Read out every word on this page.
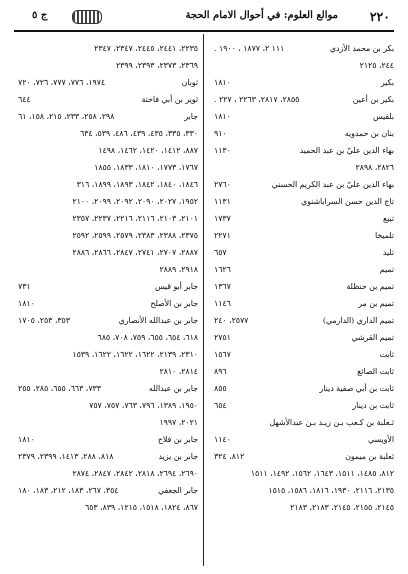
٢٢٠
موالع العلوم: في أحوال الامام الحجة
ج ٥
بكر بن محمد الأزدي
١١١ ٢، ١٨٧٧ ، ١٩٠٠ .
٢٤٤، ٢١٢٥
بكير
١٨١٠
بكير بن أعين
٢٨٥٥، ٢٨١٧، ٢٢٦٣ ، ٢٢٧ .
بلقيس
١٨١٠
بنان بن حمدويه
٩١٠
بهاء الدين عليّ بن عبد الحميد
١١٣٠
٢٨٢٦، ٢٨٩٨
بهاء الدين عليّ بن عبد الكريم الحسني
٢٧٦٠
تاج الدين حسن السراباشنوي
١١٣١
تبيع
١٧٣٧
تلميخا
٢٢٧١
تليد
٦٥٧
تميم
١٦٢٦
تميم بن حنظلة
١٣٦٧
تميم بن مر
١١٤٦
تميم الداري (الدارمي)
٢٥٧٧، ٢٤٠
تميم القرشي
٢٧٥١
ثابت
١٥٦٧
ثابت الصائغ
٨٩٦
ثابت بن أبي صفية دينار
٨٥٥
ثابت بن دينار
٦٥٤
ثـعلبة بن كـعب بـن زيـد بـن عبدالأشهل
الأويسي
١١٤٠
ثعلبة بن ميمون
٨١٢، ٣٢٤
٨١٢، ١٤٨٥، ١٥١١، ١٦٤٣، ١٥٦٢، ١٤٩٢، ١٥١١
٢١٣٥، ٢١١٦، ١٩٣٠، ١٨١٦، ١٥٨٦، ١٥١٥
٢١٤٥، ٢١٥٥، ٢١٤٥، ٢١٨٣، ٢١٨٣
٢٢٣٥، ٢٤٤١، ٢٤٤٥، ٢٣٤٧، ٢٣٤٧
٢٣٦٩، ٢٣٧٣، ٢٣٩٣، ٢٣٩٩
ثوبان
١٩٧٤، ٧٧٦، ٧٧٧، ٧٢٦، ٧٢٠
ثوير بن أبي فاختة
٦٤٤
جابر
٢٩٨، ٢٥٨، ٢٣٣، ٢١٥، ١٥٨، ٦١
٣٣٠، ٣٣٥، ٤٣٥، ٤٣٩، ٤٨٦، ٥٣٩، ٦٣٤
٨٨٧، ١٤١٢، ١٤٢٠، ١٤٦٢، ١٤٩٨
١٧٦٧، ١٧٧٣، ١٨١٠، ١٨٣٣، ١٨٥٥
١٨٤٦، ١٨٤٠، ١٨٤٢، ١٨٩٣، ١٨٩٩، ٣١٦
١٩٥٢، ٢٠٢٧، ٢٠٩٠، ٢٠٩٢، ٢٠٩٩، ٢١٠٠
٢١٠١، ٢١٠٣، ٢١١٦، ٢٢١٦، ٢٢٣٧، ٢٣٥٧
٢٣٧٥، ٢٣٨٨، ٢٣٨٣، ٢٥٧٩، ٢٥٩٩، ٢٥٩٢
٢٨٨٧، ٢٧٠٧، ٢٧٤١، ٢٨٤٧، ٢٨٦٦، ٢٨٨٦
٢٩١٨، ٢٨٨٩
جابر أبو قيس
٧٣١
جابر بن الأصلح
١٨١٠
جابر بن عبدالله الأنصاري
٣٥٣، ٢٥٣، ١٧٠٥
٦١٨، ٦٥٤، ٦٥٥، ٧٥٩، ٧٠٨، ٦٨٥
٢٣١٠، ٢١٣٩، ١٦٢٢، ١٦٢٢، ١٦٢٢، ١٥٣٩
٢٨١٤، ٢٨١٠
جابر بن عبدالله
٧٣٣، ٦٦٣، ٦٥٥، ٢٨٥، ٢٥٥
١٩٥٠، ١٣٨٩، ٧٩٦، ٧٦٣، ٧٥٧، ٧٥٧
٢٠٢١، ١٩٩٧
جابر بن فلاح
١٨١٠
جابر بن يزيد
٨١٨، ٢٨٨، ١٤١٣، ٢٣٩٩، ٢٣٧٩
٢٦٩٠، ٢٦٩٤، ٢٨١٨، ٢٨٤٢، ٢٨٤٧، ٢٨٧٤
جابر الجعفي
٣٥٤، ٢٦٧، ١٨٣، ٢١٢، ١٨٣، ١٨٠
٨٦٧، ١٨٢٤، ١٥١٨، ١٢١٥، ٨٣٩، ٦٥٣
